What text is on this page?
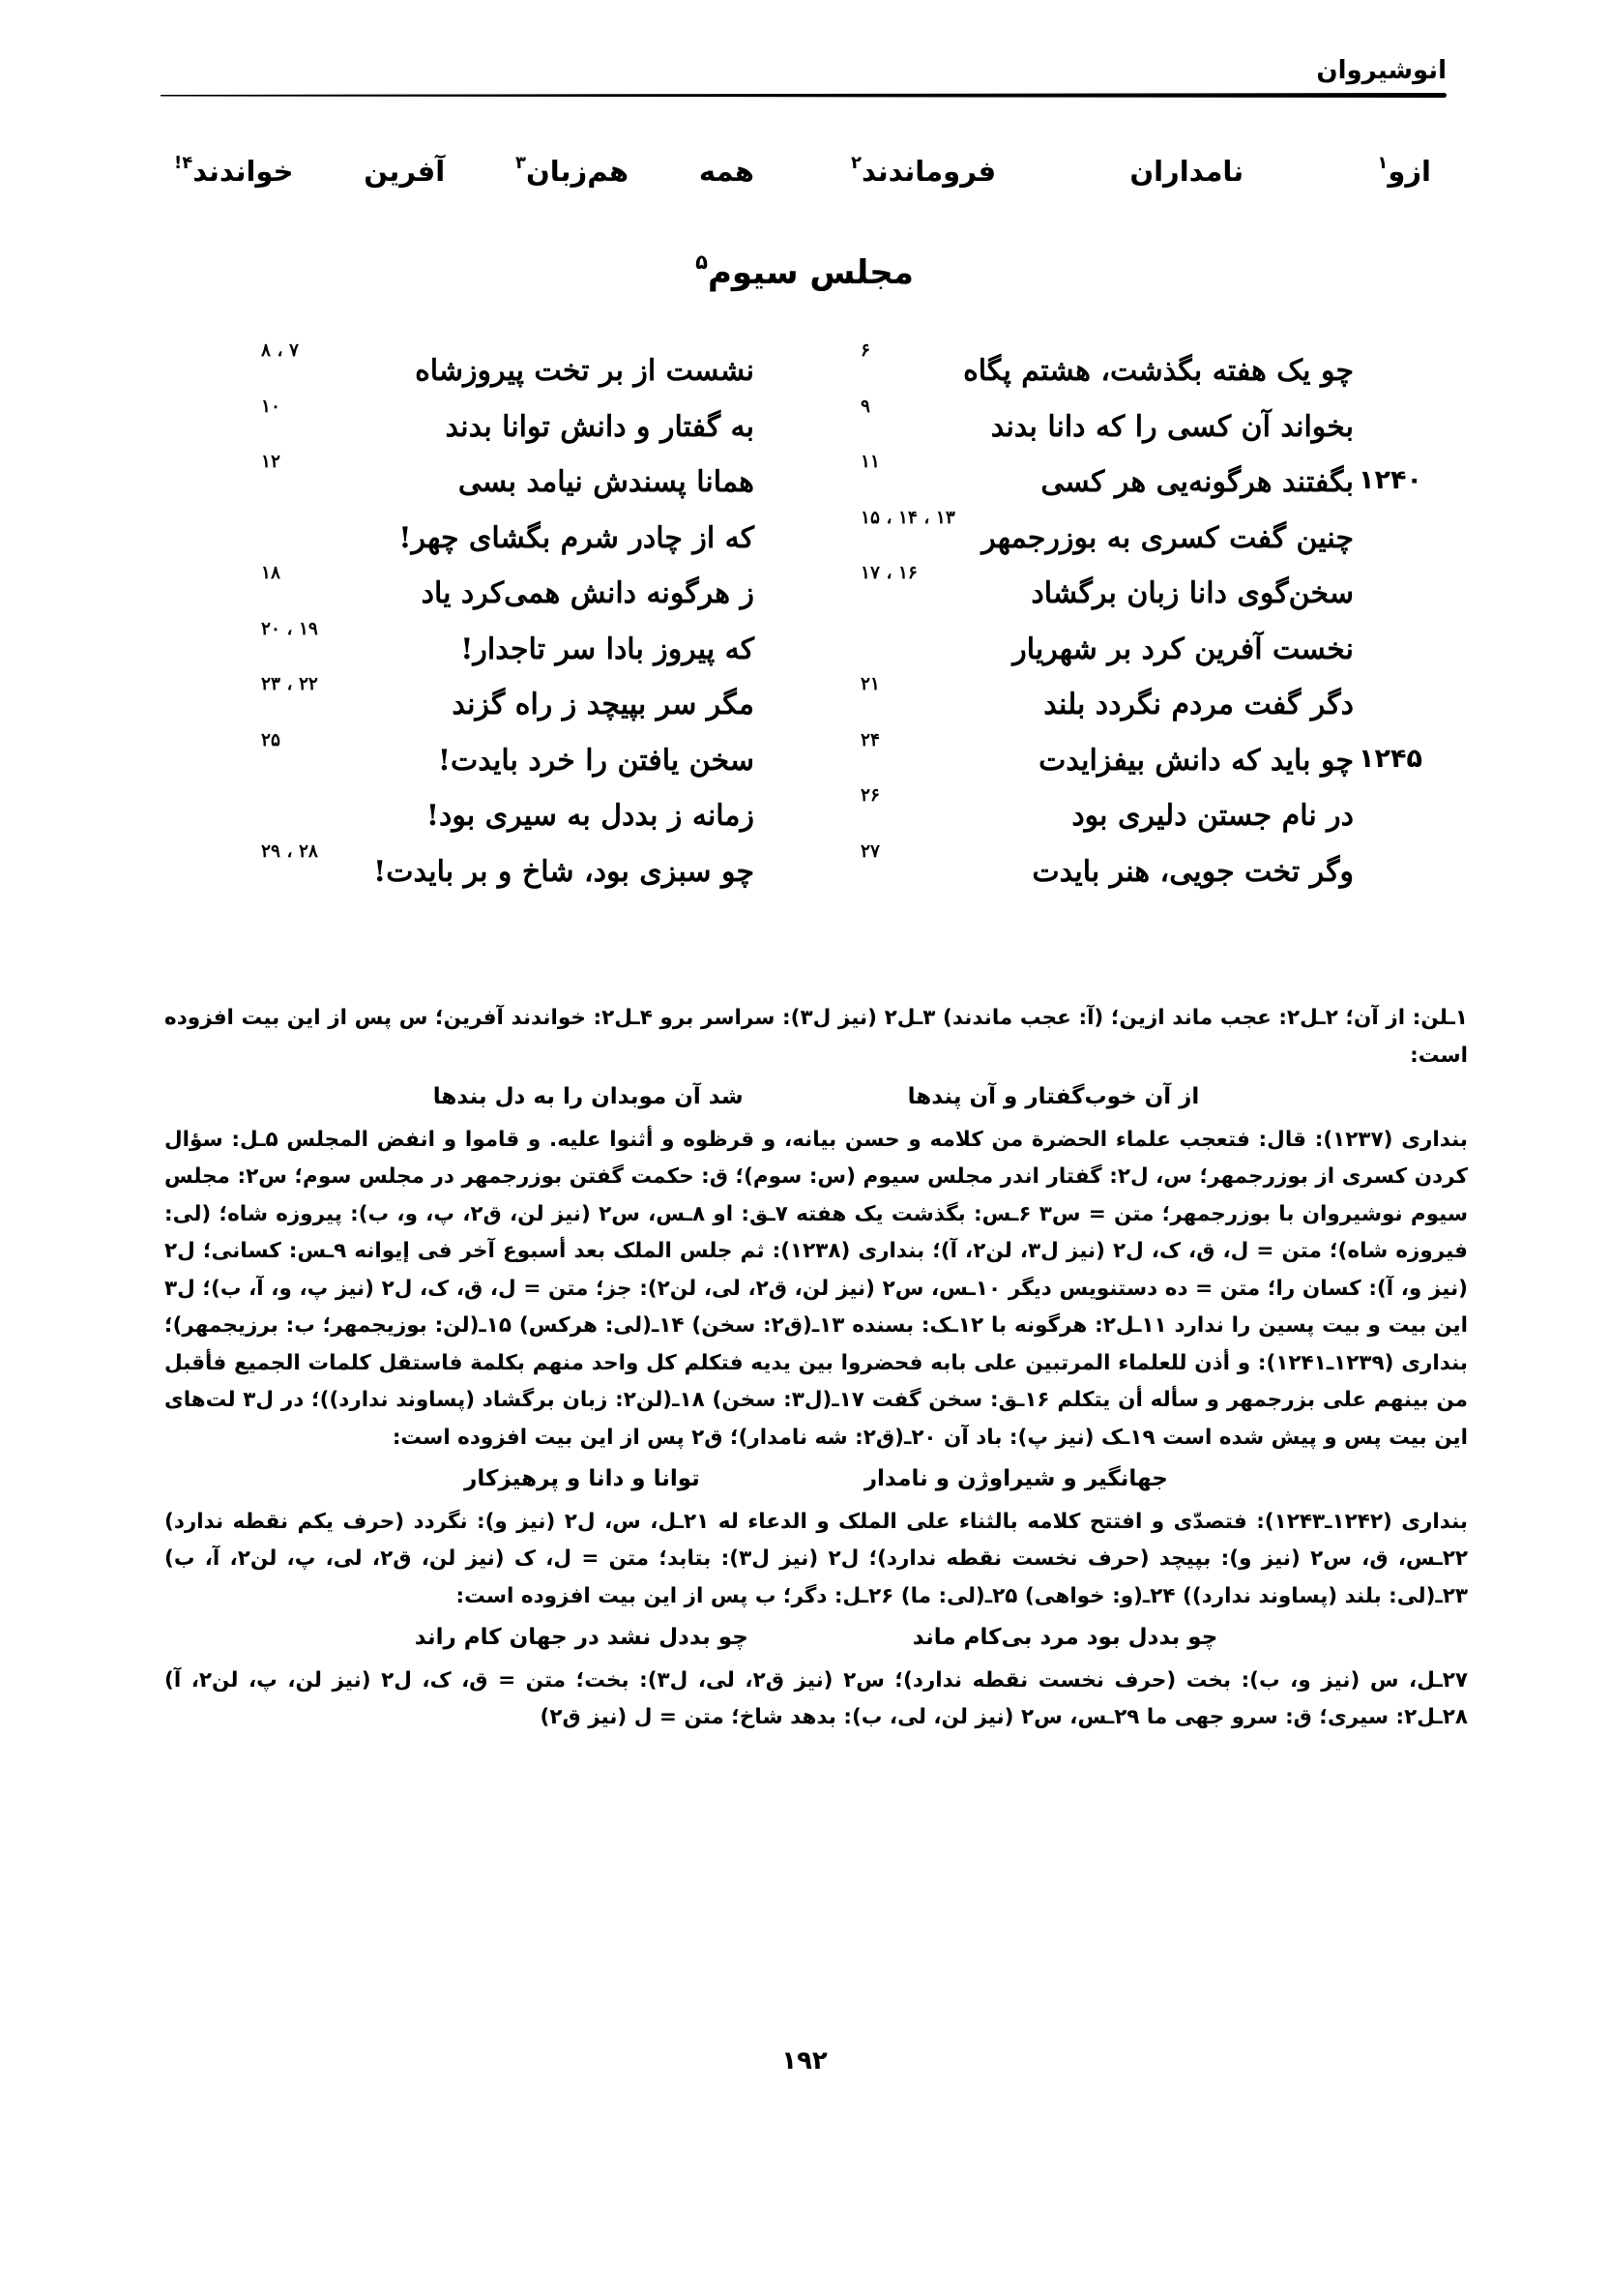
انوشیروان
ازو$^۱$
نامداران
فرو‌ماندند$^۲$
همه
هم‌زبان$^۳$
آفرین
خواندند$^{۴!}$
مجلس سیوم$^۵$
چو یک هفته بگذشت، هشتم پگاه
$^۶$
نشست از بر تخت پیروزشاه
$^{۷ ، ۸}$
بخواند آن کسی را که دانا بدند
$^۹$
به گفتار و دانش توانا بدند
$^{۱۰}$
۱۲۴۰
بگفتند هرگونه‌یی هر کسی
$^{۱۱}$
همانا پسندش نیامد بسی
$^{۱۲}$
چنین گفت کسری به بوزرجمهر
$^{۱۳ ، ۱۴ ، ۱۵}$
که از چادر شرم بگشای چهر!
سخن‌گوی دانا زبان برگشاد
$^{۱۶ ، ۱۷}$
ز هرگونه دانش همی‌کرد یاد
$^{۱۸}$
نخست آفرین کرد بر شهریار
که پیروز بادا سر تاجدار!
$^{۱۹ ، ۲۰}$
دگر گفت مردم نگردد بلند
$^{۲۱}$
مگر سر بپیچد ز راه گزند
$^{۲۲ ، ۲۳}$
۱۲۴۵
چو باید که دانش بیفزایدت
$^{۲۴}$
سخن یافتن را خرد بایدت!
$^{۲۵}$
در نام جستن دلیری بود
$^{۲۶}$
زمانه ز بددل به سیری بود!
وگر تخت جویی، هنر بایدت
$^{۲۷}$
چو سبزی بود، شاخ و بر بایدت!
$^{۲۸ ، ۲۹}$

۱ـلن: از آن؛ ۲ـل۲: عجب ماند ازین؛ (آ: عجب ماندند) ۳ـل۲ (نیز ل۳): سراسر برو ۴ـل۲: خواندند آفرین؛ س پس از این بیت افزوده است:

از آن خوب‌گفتار و آن پندها
شد آن موبدان را به دل بندها

بنداری (۱۲۳۷): قال: فتعجب علماء الحضرة من کلامه و حسن بیانه، و قرظوه و أثنوا علیه. و قاموا و انفض المجلس ۵ـل: سؤال کردن کسری از بوزرجمهر؛ س، ل۲: گفتار اندر مجلس سیوم (س: سوم)؛ ق: حکمت گفتن بوزرجمهر در مجلس سوم؛ س۲: مجلس سیوم نوشیروان با بوزرجمهر؛ متن = س۳ ۶ـس: بگذشت یک هفته ۷ـق: او ۸ـس، س۲ (نیز لن، ق۲، پ، و، ب): پیروزه شاه؛ (لی: فیروزه شاه)؛ متن = ل، ق، ک، ل۲ (نیز ل۳، لن۲، آ)؛ بنداری (۱۲۳۸): ثم جلس الملک بعد أسبوع آخر فی إیوانه ۹ـس: کسانی؛ ل۲ (نیز و، آ): کسان را؛ متن = ده دستنویس دیگر ۱۰ـس، س۲ (نیز لن، ق۲، لی، لن۲): جز؛ متن = ل، ق، ک، ل۲ (نیز پ، و، آ، ب)؛ ل۳ این بیت و بیت پسین را ندارد ۱۱ـل۲: هرگونه با ۱۲ـک: بسنده ۱۳ـ(ق۲: سخن) ۱۴ـ(لی: هرکس) ۱۵ـ(لن: بوزیجمهر؛ ب: برزیجمهر)؛ بنداری (۱۲۳۹ـ۱۲۴۱): و أذن للعلماء المرتبین علی بابه فحضروا بین یدیه فتکلم کل واحد منهم بکلمة فاستقل کلمات الجمیع فأقبل من بینهم علی بزرجمهر و سأله أن یتکلم ۱۶ـق: سخن گفت ۱۷ـ(ل۳: سخن) ۱۸ـ(لن۲: زبان برگشاد (پساوند ندارد))؛ در ل۳ لت‌های این بیت پس و پیش شده است ۱۹ـک (نیز پ): باد آن ۲۰ـ(ق۲: شه نامدار)؛ ق۲ پس از این بیت افزوده است:

جهانگیر و شیراوژن و نامدار
توانا و دانا و پرهیزکار

بنداری (۱۲۴۲ـ۱۲۴۳): فتصدّی و افتتح کلامه بالثناء علی الملک و الدعاء له ۲۱ـل، س، ل۲ (نیز و): نگردد (حرف یکم نقطه ندارد) ۲۲ـس، ق، س۲ (نیز و): بپیچد (حرف نخست نقطه ندارد)؛ ل۲ (نیز ل۳): بتابد؛ متن = ل، ک (نیز لن، ق۲، لی، پ، لن۲، آ، ب) ۲۳ـ(لی: بلند (پساوند ندارد)) ۲۴ـ(و: خواهی) ۲۵ـ(لی: ما) ۲۶ـل: دگر؛ ب پس از این بیت افزوده است:

چو بددل بود مرد بی‌کام ماند
چو بددل نشد در جهان کام راند

۲۷ـل، س (نیز و، ب): بخت (حرف نخست نقطه ندارد)؛ س۲ (نیز ق۲، لی، ل۳): بخت؛ متن = ق، ک، ل۲ (نیز لن، پ، لن۲، آ) ۲۸ـل۲: سیری؛ ق: سرو جهی ما ۲۹ـس، س۲ (نیز لن، لی، ب): بدهد شاخ؛ متن = ل (نیز ق۲)

۱۹۲
